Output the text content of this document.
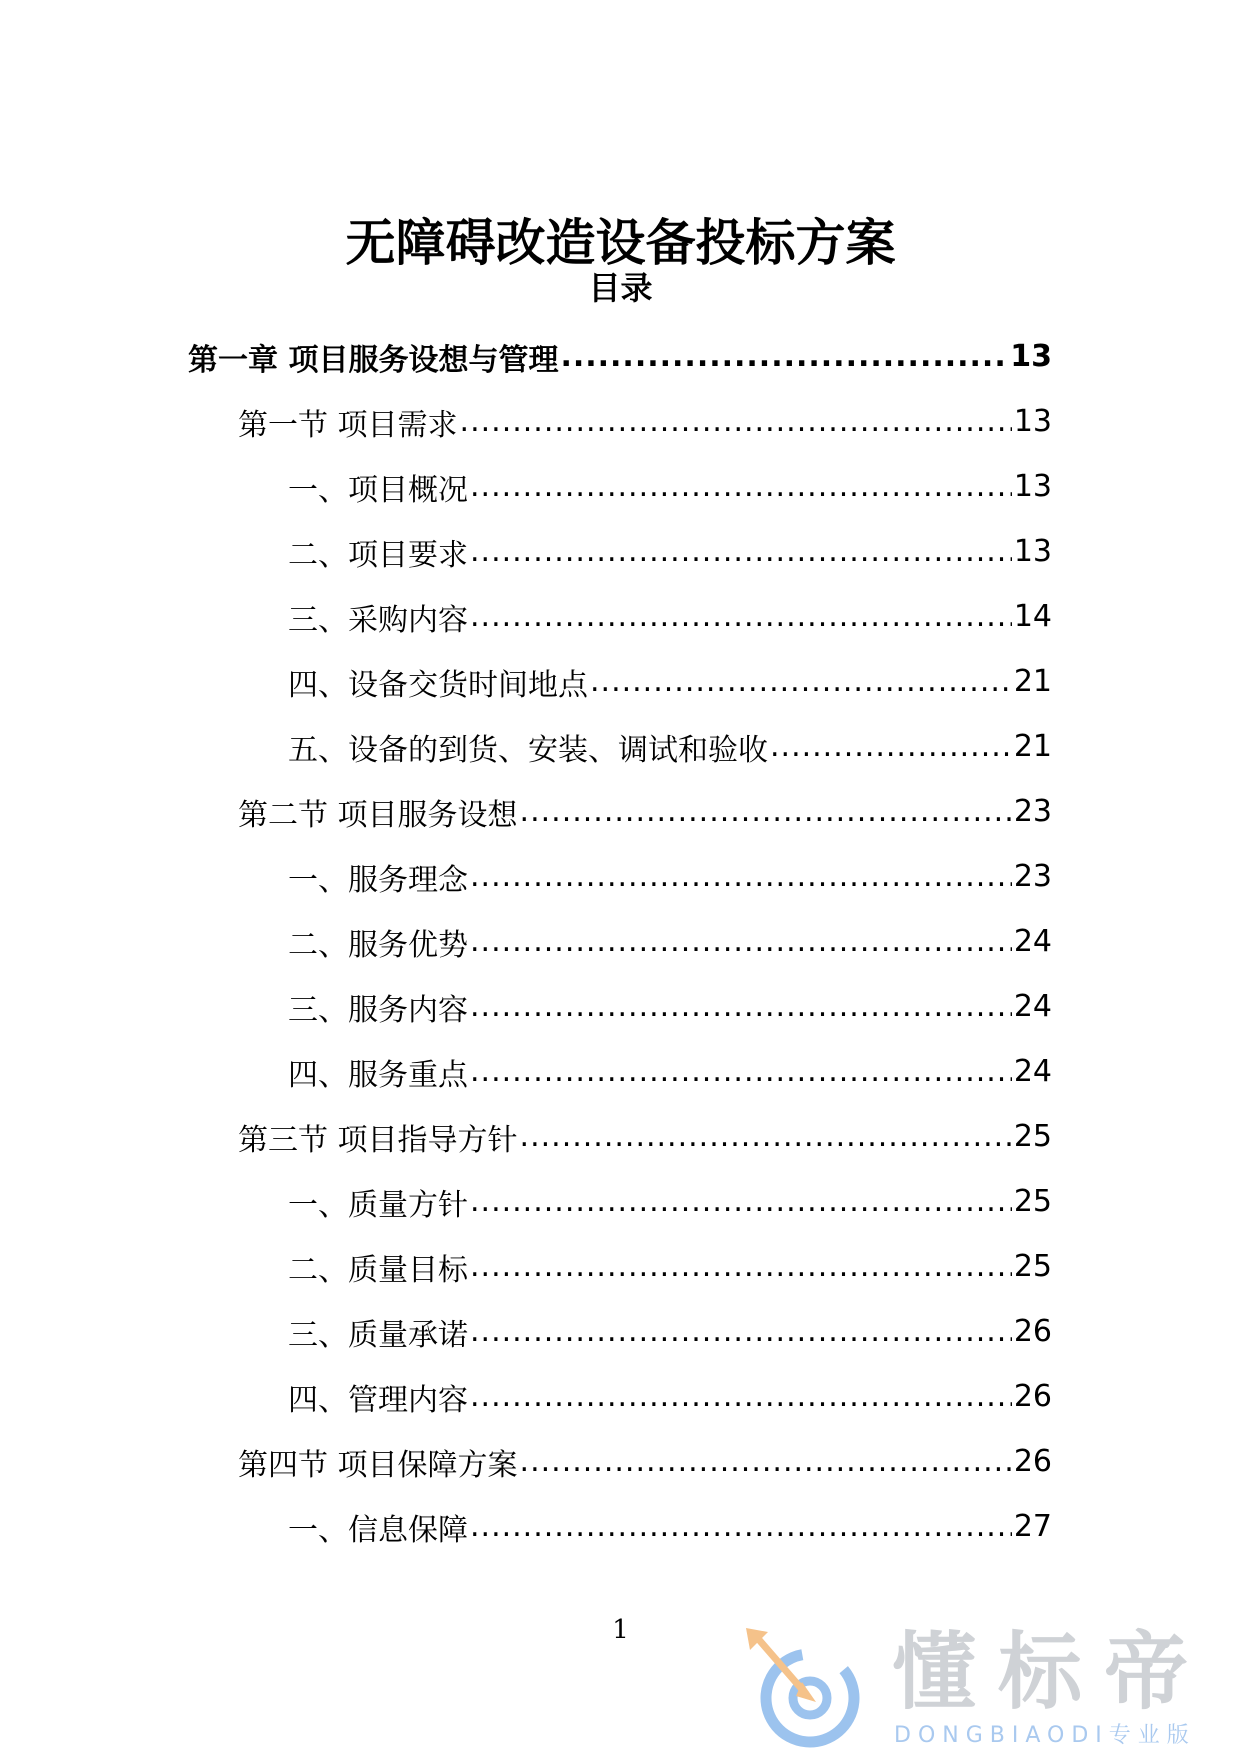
无障碍改造设备投标方案
目录
第一章 项目服务设想与管理 .....	13
第一节 项目需求 .....	13
一、项目概况 .....	13
二、项目要求 .....	13
三、采购内容 .....	14
四、设备交货时间地点 .....	21
五、设备的到货、安装、调试和验收 .....	21
第二节 项目服务设想 .....	23
一、服务理念 .....	23
二、服务优势 .....	24
三、服务内容 .....	24
四、服务重点 .....	24
第三节 项目指导方针 .....	25
一、质量方针 .....	25
二、质量目标 .....	25
三、质量承诺 .....	26
四、管理内容 .....	26
第四节 项目保障方案 .....	26
一、信息保障 .....	27
1	懂标帝
DONGBIAODI专业版
